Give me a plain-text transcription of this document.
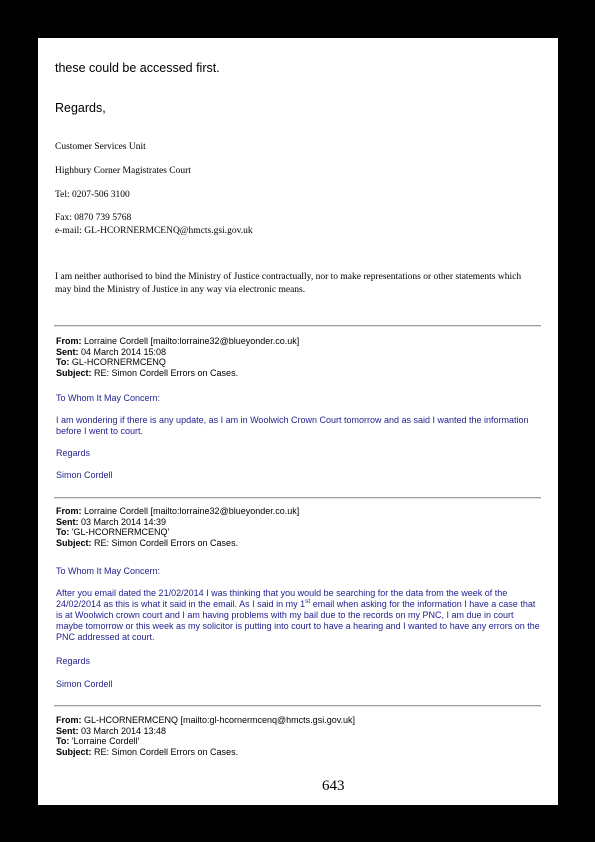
these could be accessed first.
Regards,
Customer Services Unit
Highbury Corner Magistrates Court
Tel: 0207-506 3100
Fax: 0870 739 5768
e-mail: GL-HCORNERMCENQ@hmcts.gsi.gov.uk
I am neither authorised to bind the Ministry of Justice contractually, nor to make representations or other statements which may bind the Ministry of Justice in any way via electronic means.
From: Lorraine Cordell [mailto:lorraine32@blueyonder.co.uk]
Sent: 04 March 2014 15:08
To: GL-HCORNERMCENQ
Subject: RE: Simon Cordell Errors on Cases.
To Whom It May Concern:
I am wondering if there is any update, as I am in Woolwich Crown Court tomorrow and as said I wanted the information before I went to court.
Regards
Simon Cordell
From: Lorraine Cordell [mailto:lorraine32@blueyonder.co.uk]
Sent: 03 March 2014 14:39
To: 'GL-HCORNERMCENQ'
Subject: RE: Simon Cordell Errors on Cases.
To Whom It May Concern:
After you email dated the 21/02/2014 I was thinking that you would be searching for the data from the week of the 24/02/2014 as this is what it said in the email. As I said in my 1st email when asking for the information I have a case that is at Woolwich crown court and I am having problems with my bail due to the records on my PNC, I am due in court maybe tomorrow or this week as my solicitor is putting into court to have a hearing and I wanted to have any errors on the PNC addressed at court.
Regards
Simon Cordell
From: GL-HCORNERMCENQ [mailto:gl-hcornermcenq@hmcts.gsi.gov.uk]
Sent: 03 March 2014 13:48
To: 'Lorraine Cordell'
Subject: RE: Simon Cordell Errors on Cases.
643
